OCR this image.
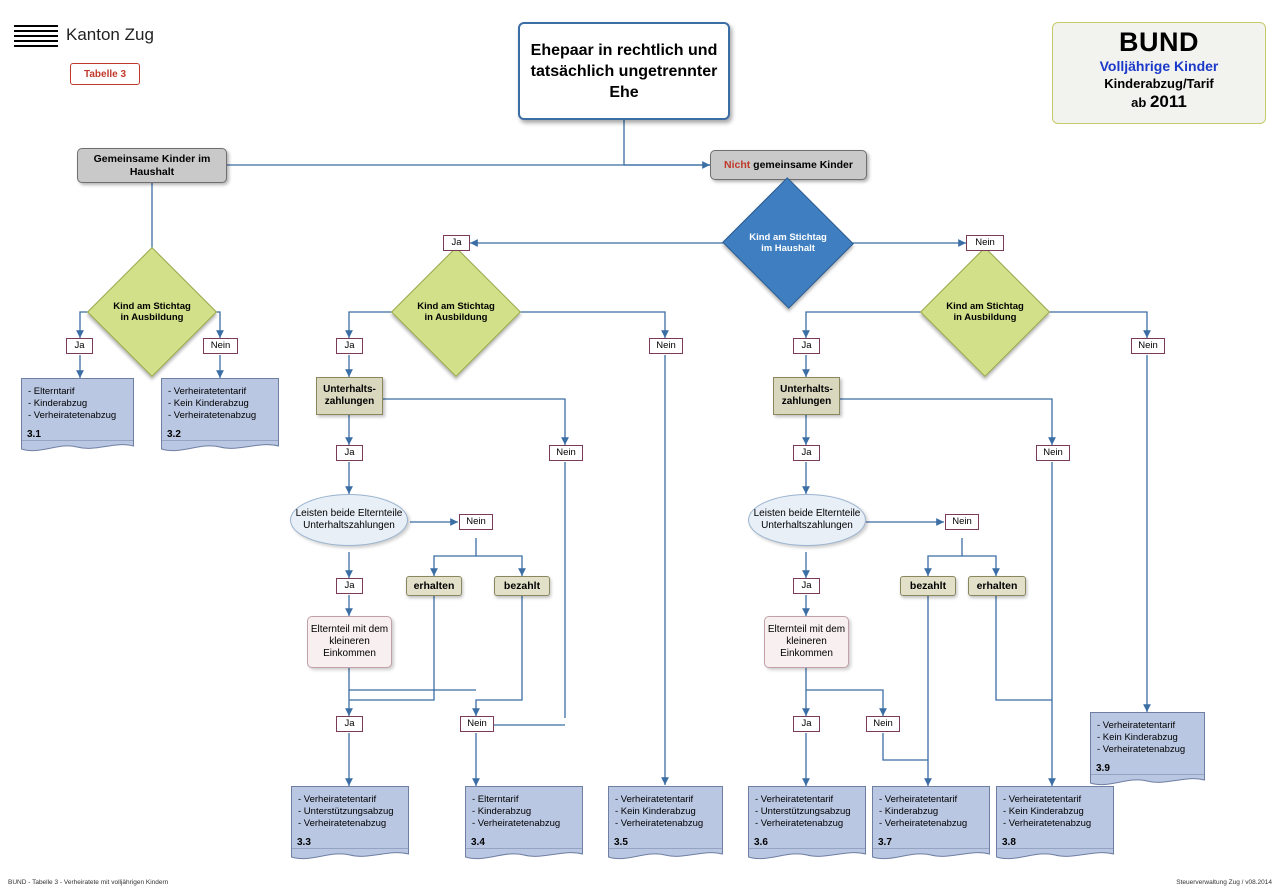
Kanton Zug
Tabelle 3
BUND
Volljährige Kinder
Kinderabzug/Tarif
ab 2011
Ehepaar in rechtlich und tatsächlich ungetrennter Ehe
Gemeinsame Kinder im Haushalt
Nicht gemeinsame Kinder
Kind am Stichtag im Haushalt
Kind am Stichtag in Ausbildung
Kind am Stichtag in Ausbildung
Kind am Stichtag in Ausbildung
Ja	Nein
Ja	Nein	Ja	Nein	Ja	Nein
Ja	Nein	Ja	Nein
Ja
Nein
Ja
Nein
Ja	Nein	Ja	Nein
Unterhalts-zahlungen
Unterhalts-zahlungen
Leisten beide Elternteile Unterhaltszahlungen
Leisten beide Elternteile Unterhaltszahlungen
erhalten	bezahlt	bezahlt	erhalten
Elternteil mit dem kleineren Einkommen
Elternteil mit dem kleineren Einkommen
- Elterntarif
- Kinderabzug
- Verheiratetenabzug
3.1
- Verheiratetentarif
- Kein Kinderabzug
- Verheiratetenabzug
3.2
- Verheiratetentarif
- Kein Kinderabzug
- Verheiratetenabzug
3.9
- Verheiratetentarif
- Unterstützungsabzug
- Verheiratetenabzug
3.3
- Elterntarif
- Kinderabzug
- Verheiratetenabzug
3.4
- Verheiratetentarif
- Kein Kinderabzug
- Verheiratetenabzug
3.5
- Verheiratetentarif
- Unterstützungsabzug
- Verheiratetenabzug
3.6
- Verheiratetentarif
- Kinderabzug
- Verheiratetenabzug
3.7
- Verheiratetentarif
- Kein Kinderabzug
- Verheiratetenabzug
3.8
BUND - Tabelle 3 - Verheiratete mit volljährigen Kindern	Steuerverwaltung Zug / v08.2014
